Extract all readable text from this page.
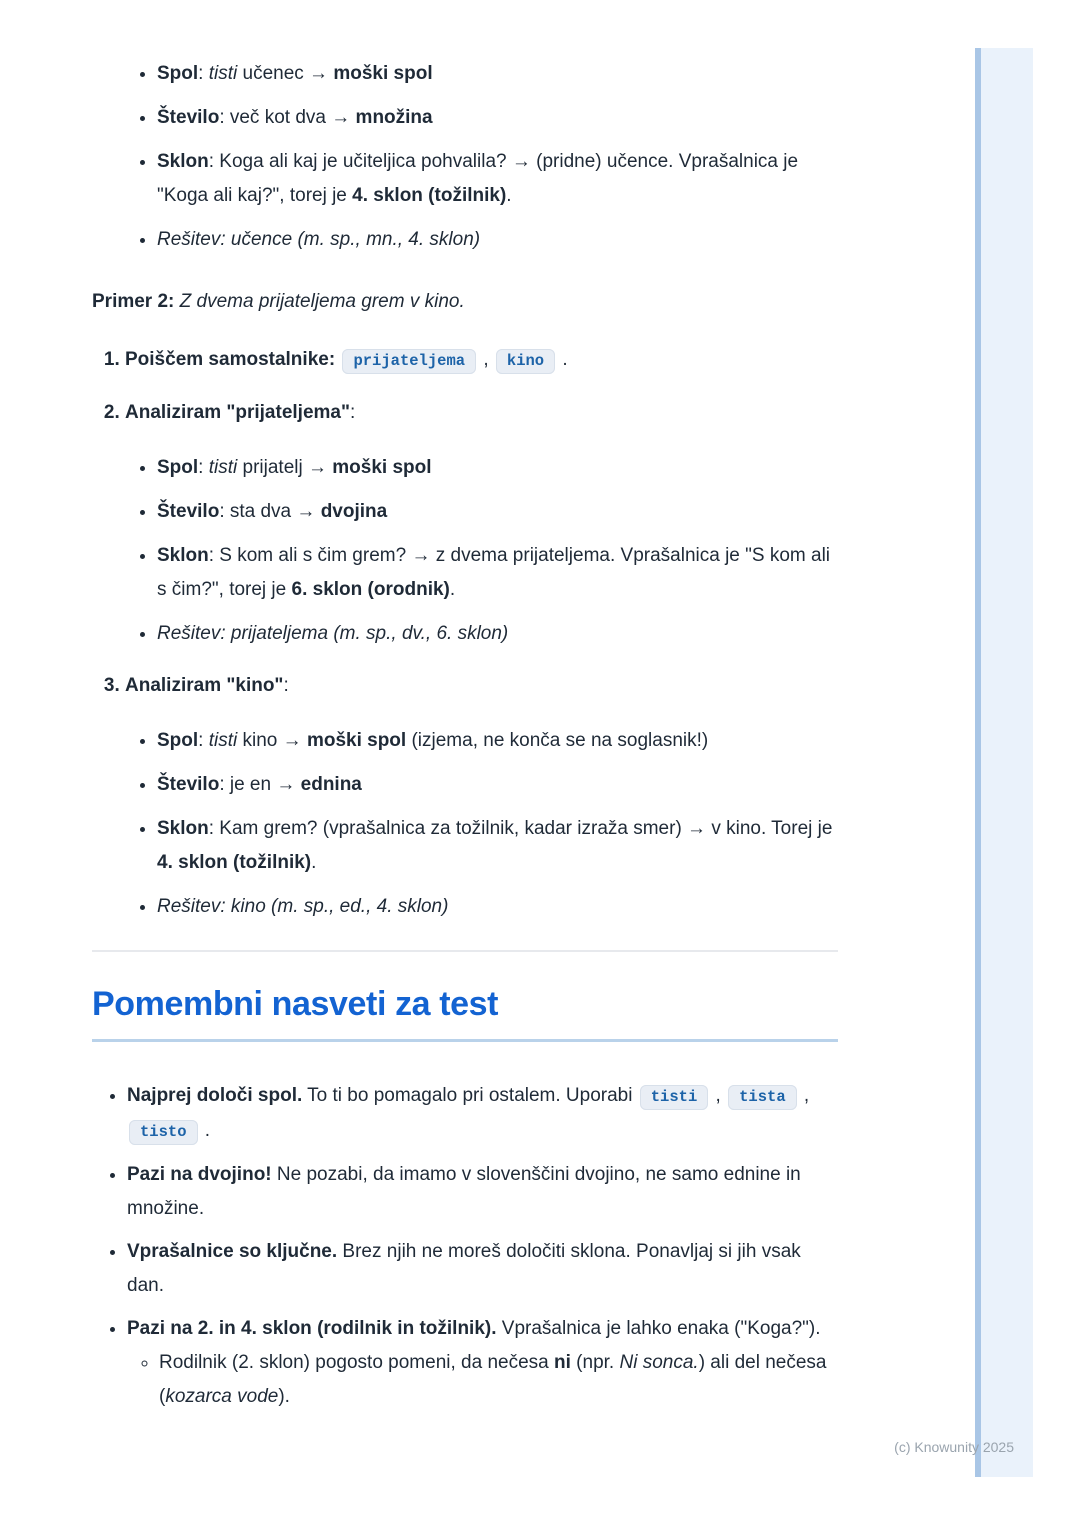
• Spol: tisti učenec → moški spol
• Število: več kot dva → množina
• Sklon: Koga ali kaj je učiteljica pohvalila? → (pridne) učence. Vprašalnica je "Koga ali kaj?", torej je 4. sklon (tožilnik).
• Rešitev: učence (m. sp., mn., 4. sklon)

Primer 2: Z dvema prijateljema grem v kino.

1. Poiščem samostalnike: prijateljema , kino .
2. Analiziram "prijateljema":
• Spol: tisti prijatelj → moški spol
• Število: sta dva → dvojina
• Sklon: S kom ali s čim grem? → z dvema prijateljema. Vprašalnica je "S kom ali s čim?", torej je 6. sklon (orodnik).
• Rešitev: prijateljema (m. sp., dv., 6. sklon)
3. Analiziram "kino":
• Spol: tisti kino → moški spol (izjema, ne konča se na soglasnik!)
• Število: je en → ednina
• Sklon: Kam grem? (vprašalnica za tožilnik, kadar izraža smer) → v kino. Torej je 4. sklon (tožilnik).
• Rešitev: kino (m. sp., ed., 4. sklon)
Pomembni nasveti za test
• Najprej določi spol. To ti bo pomagalo pri ostalem. Uporabi tisti , tista , tisto .
• Pazi na dvojino! Ne pozabi, da imamo v slovenščini dvojino, ne samo ednine in množine.
• Vprašalnice so ključne. Brez njih ne moreš določiti sklona. Ponavljaj si jih vsak dan.
• Pazi na 2. in 4. sklon (rodilnik in tožilnik). Vprašalnica je lahko enaka ("Koga?").
◦ Rodilnik (2. sklon) pogosto pomeni, da nečesa ni (npr. Ni sonca.) ali del nečesa (kozarca vode).
(c) Knowunity 2025
